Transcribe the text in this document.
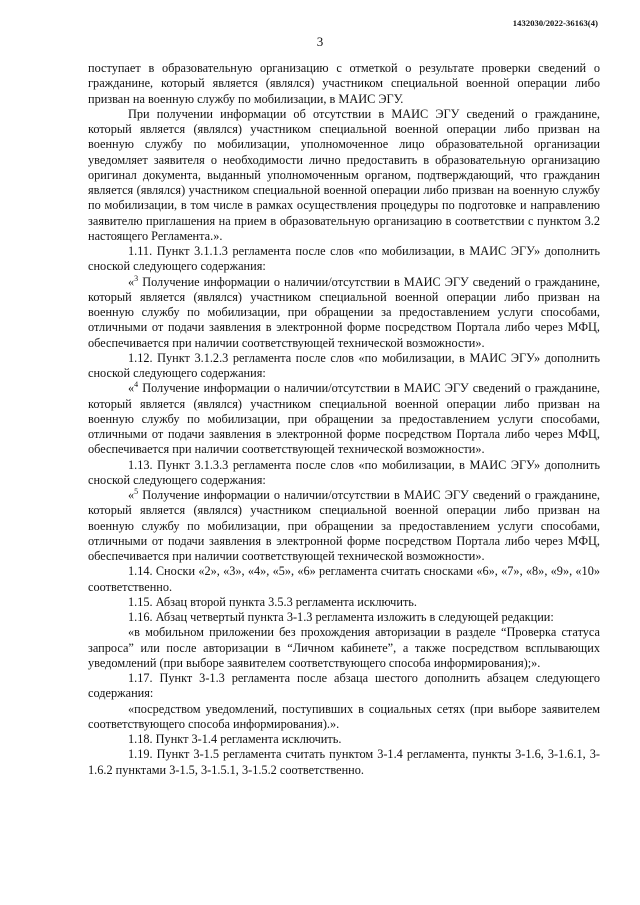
1432030/2022-36163(4)
3

поступает в образовательную организацию с отметкой о результате проверки сведений о гражданине, который является (являлся) участником специальной военной операции либо призван на военную службу по мобилизации, в МАИС ЭГУ.

При получении информации об отсутствии в МАИС ЭГУ сведений о гражданине, который является (являлся) участником специальной военной операции либо призван на военную службу по мобилизации, уполномоченное лицо образовательной организации уведомляет заявителя о необходимости лично предоставить в образовательную организацию оригинал документа, выданный уполномоченным органом, подтверждающий, что гражданин является (являлся) участником специальной военной операции либо призван на военную службу по мобилизации, в том числе в рамках осуществления процедуры по подготовке и направлению заявителю приглашения на прием в образовательную организацию в соответствии с пунктом 3.2 настоящего Регламента.».

1.11. Пункт 3.1.1.3 регламента после слов «по мобилизации, в МАИС ЭГУ» дополнить сноской следующего содержания:

«$^3$ Получение информации о наличии/отсутствии в МАИС ЭГУ сведений о гражданине, который является (являлся) участником специальной военной операции либо призван на военную службу по мобилизации, при обращении за предоставлением услуги способами, отличными от подачи заявления в электронной форме посредством Портала либо через МФЦ, обеспечивается при наличии соответствующей технической возможности».

1.12. Пункт 3.1.2.3 регламента после слов «по мобилизации, в МАИС ЭГУ» дополнить сноской следующего содержания:

«$^4$ Получение информации о наличии/отсутствии в МАИС ЭГУ сведений о гражданине, который является (являлся) участником специальной военной операции либо призван на военную службу по мобилизации, при обращении за предоставлением услуги способами, отличными от подачи заявления в электронной форме посредством Портала либо через МФЦ, обеспечивается при наличии соответствующей технической возможности».

1.13. Пункт 3.1.3.3 регламента после слов «по мобилизации, в МАИС ЭГУ» дополнить сноской следующего содержания:

«$^5$ Получение информации о наличии/отсутствии в МАИС ЭГУ сведений о гражданине, который является (являлся) участником специальной военной операции либо призван на военную службу по мобилизации, при обращении за предоставлением услуги способами, отличными от подачи заявления в электронной форме посредством Портала либо через МФЦ, обеспечивается при наличии соответствующей технической возможности».

1.14. Сноски «2», «3», «4», «5», «6» регламента считать сносками «6», «7», «8», «9», «10» соответственно.

1.15. Абзац второй пункта 3.5.3 регламента исключить.

1.16. Абзац четвертый пункта 3-1.3 регламента изложить в следующей редакции:

«в мобильном приложении без прохождения авторизации в разделе “Проверка статуса запроса” или после авторизации в “Личном кабинете”, а также посредством всплывающих уведомлений (при выборе заявителем соответствующего способа информирования);».

1.17. Пункт 3-1.3 регламента после абзаца шестого дополнить абзацем следующего содержания:

«посредством уведомлений, поступивших в социальных сетях (при выборе заявителем соответствующего способа информирования).».

1.18. Пункт 3-1.4 регламента исключить.

1.19. Пункт 3-1.5 регламента считать пунктом 3-1.4 регламента, пункты 3-1.6, 3-1.6.1, 3-1.6.2 пунктами 3-1.5, 3-1.5.1, 3-1.5.2 соответственно.
